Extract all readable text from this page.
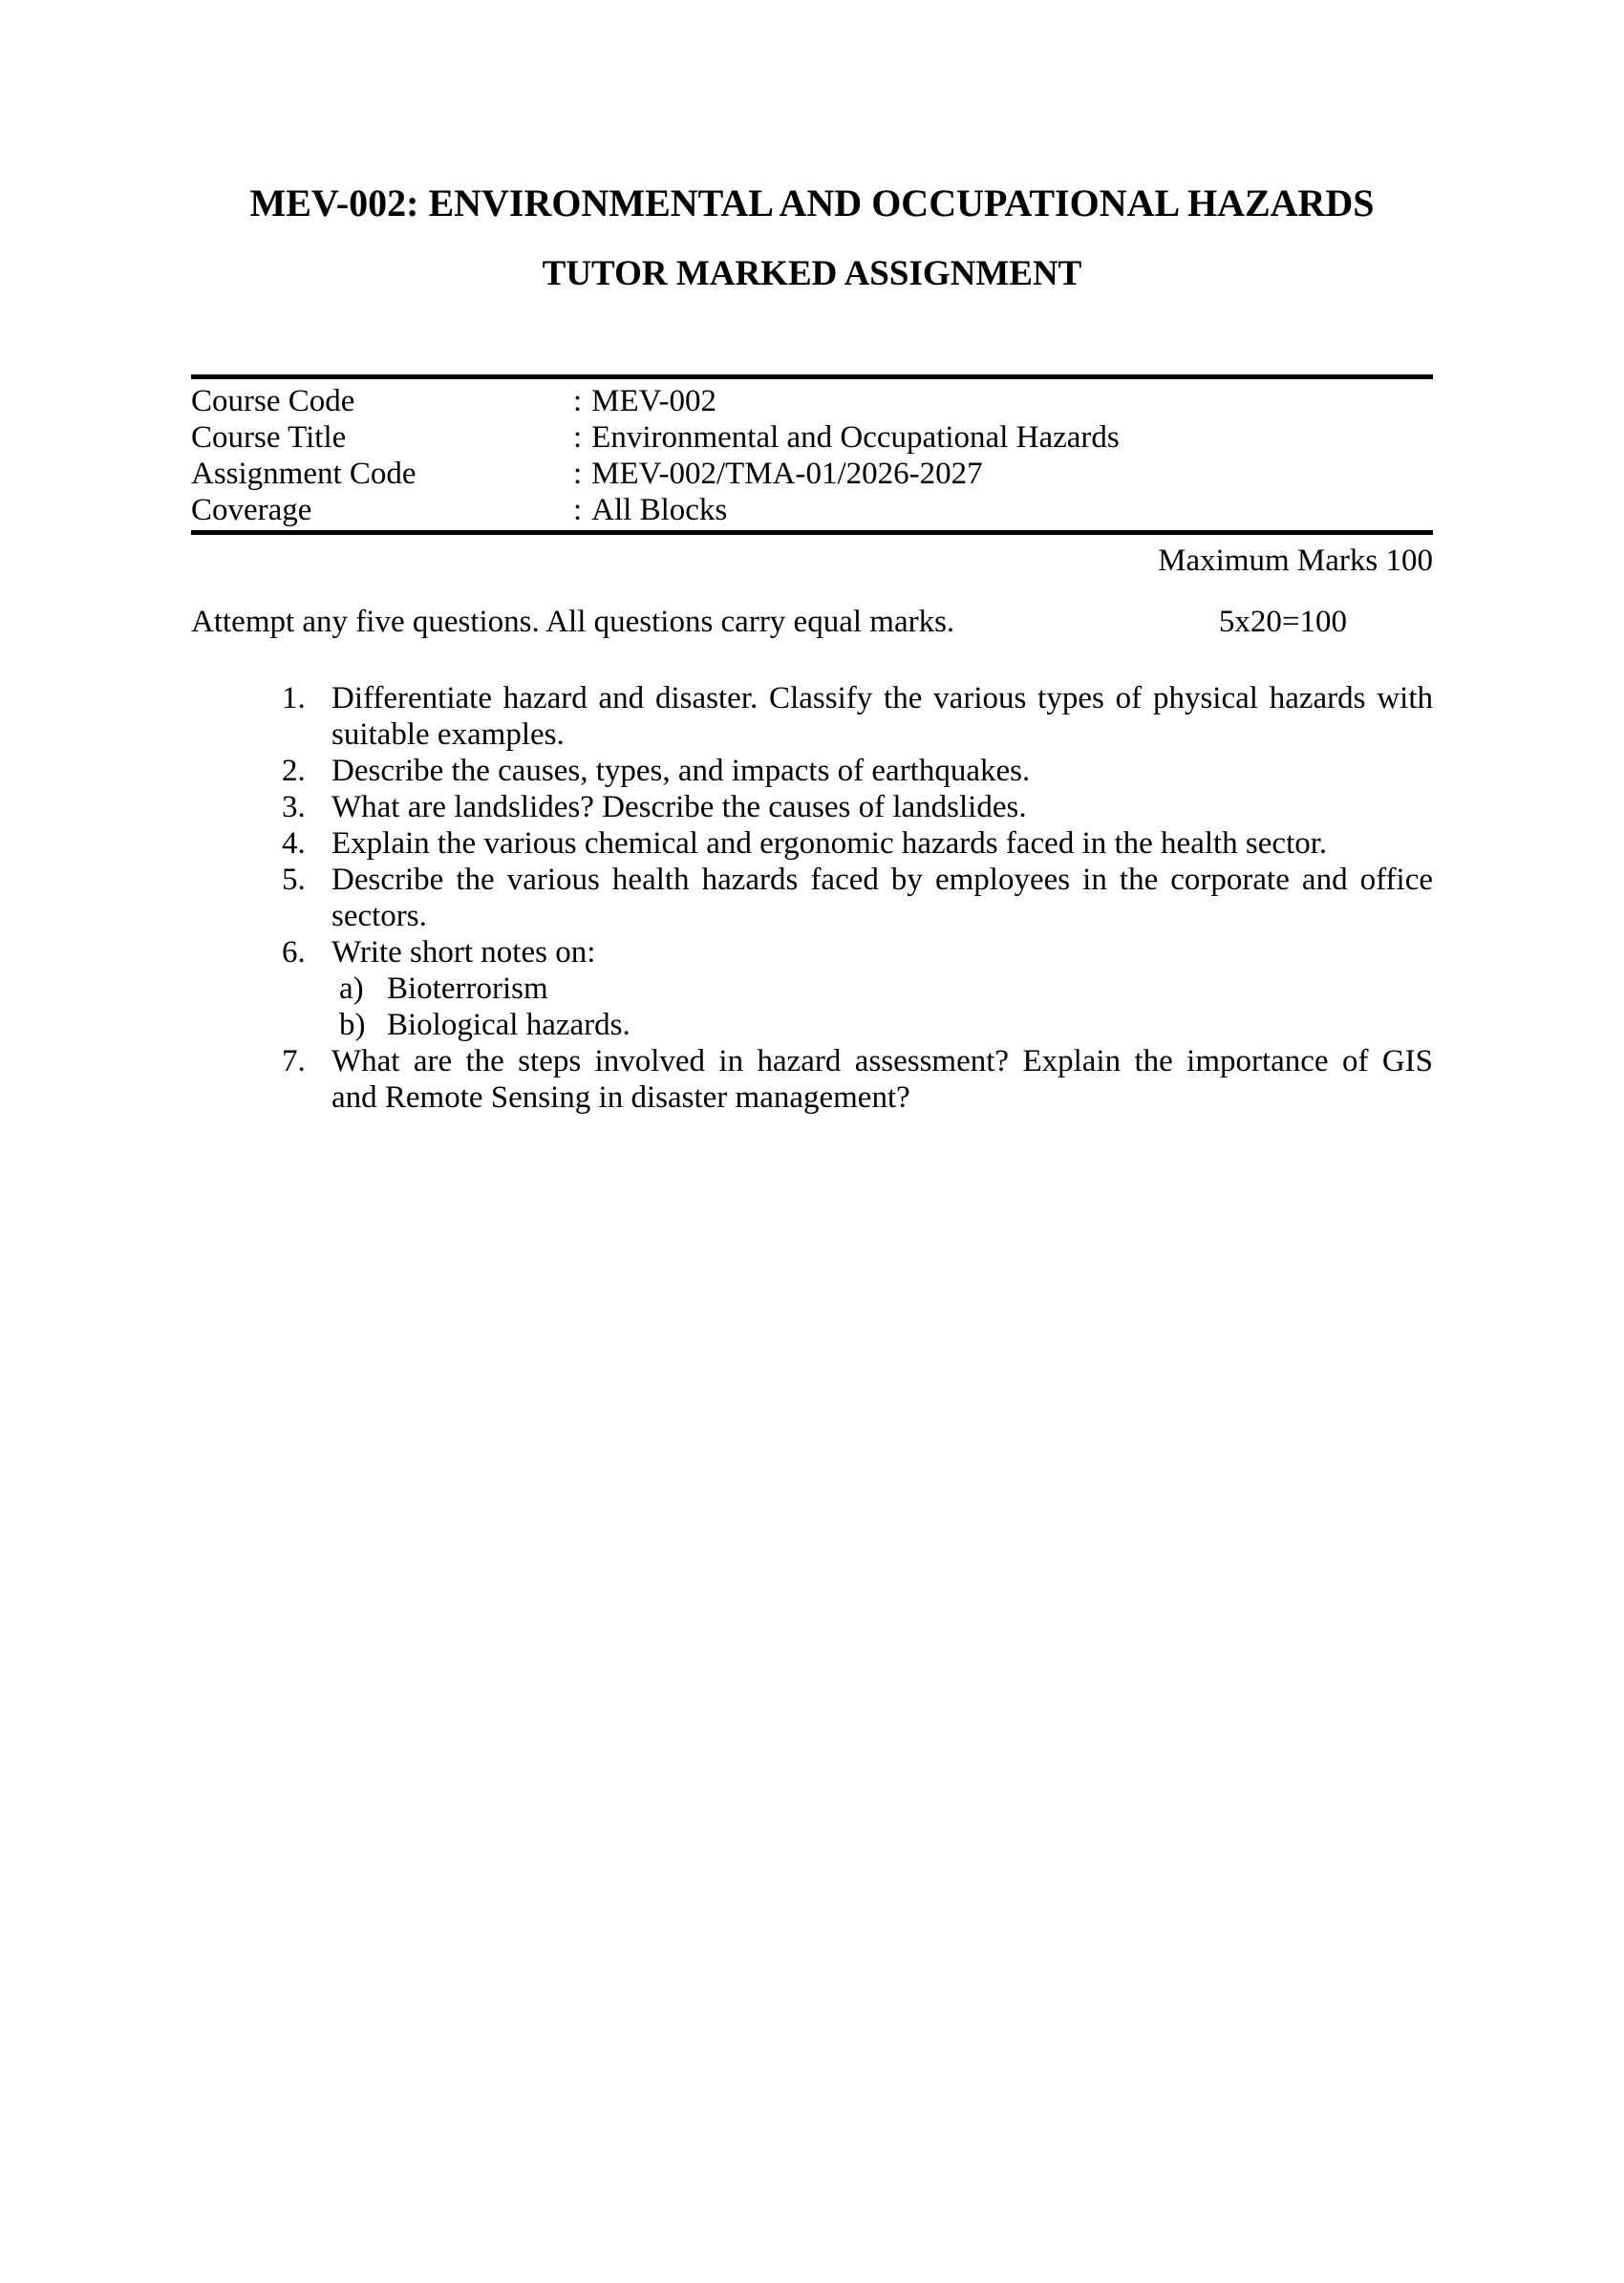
MEV-002: ENVIRONMENTAL AND OCCUPATIONAL HAZARDS
TUTOR MARKED ASSIGNMENT
Course Code	: MEV-002
Course Title	: Environmental and Occupational Hazards
Assignment Code	: MEV-002/TMA-01/2026-2027
Coverage	: All Blocks
Maximum Marks 100
Attempt any five questions. All questions carry equal marks.	5x20=100
1. Differentiate hazard and disaster. Classify the various types of physical hazards with
suitable examples.
2. Describe the causes, types, and impacts of earthquakes.
3. What are landslides? Describe the causes of landslides.
4. Explain the various chemical and ergonomic hazards faced in the health sector.
5. Describe the various health hazards faced by employees in the corporate and office
sectors.
6. Write short notes on:
a) Bioterrorism
b) Biological hazards.
7. What are the steps involved in hazard assessment? Explain the importance of GIS
and Remote Sensing in disaster management?
